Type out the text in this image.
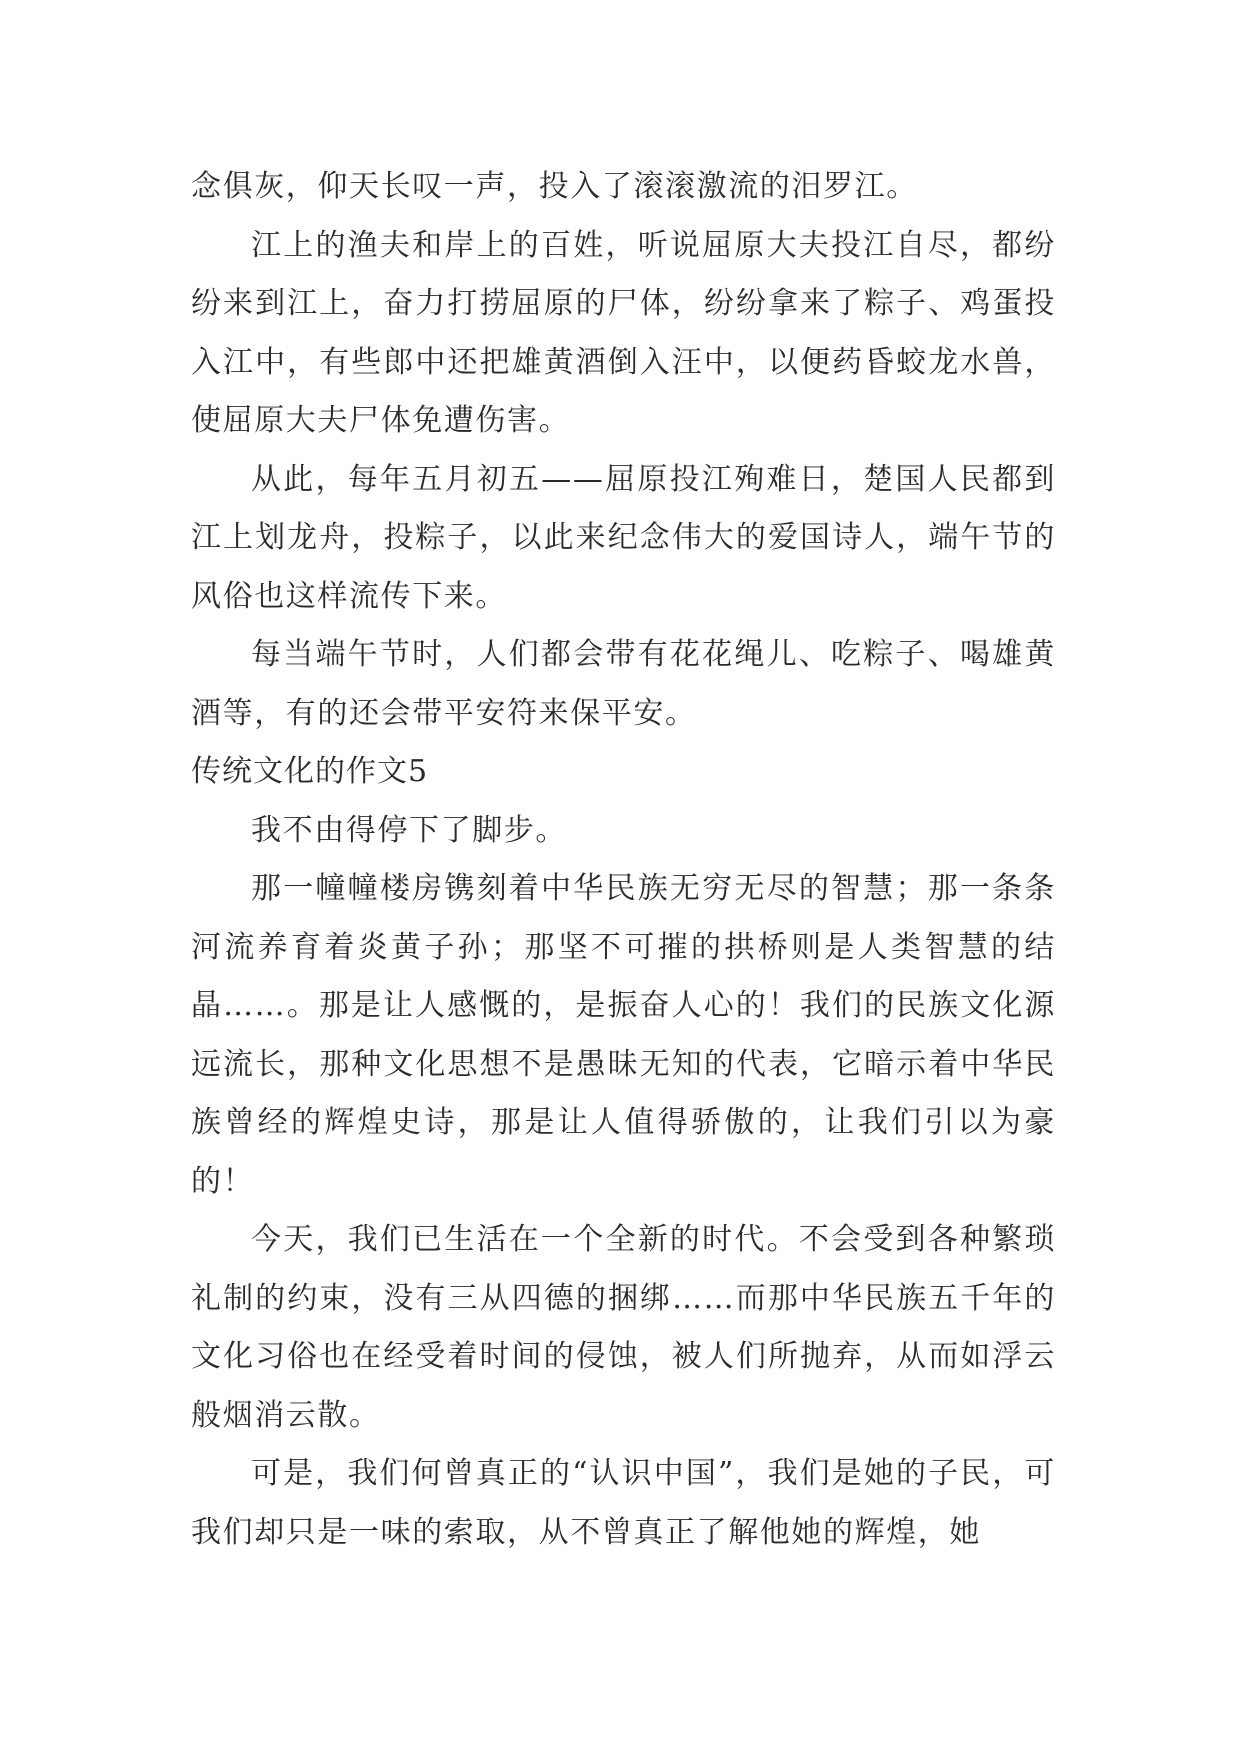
念俱灰，仰天长叹一声，投入了滚滚激流的汨罗江。

江上的渔夫和岸上的百姓，听说屈原大夫投江自尽，都纷纷来到江上，奋力打捞屈原的尸体，纷纷拿来了粽子、鸡蛋投入江中，有些郎中还把雄黄酒倒入汪中，以便药昏蛟龙水兽，使屈原大夫尸体免遭伤害。

从此，每年五月初五——屈原投江殉难日，楚国人民都到江上划龙舟，投粽子，以此来纪念伟大的爱国诗人，端午节的风俗也这样流传下来。

每当端午节时，人们都会带有花花绳儿、吃粽子、喝雄黄酒等，有的还会带平安符来保平安。

传统文化的作文5

我不由得停下了脚步。

那一幢幢楼房镌刻着中华民族无穷无尽的智慧；那一条条河流养育着炎黄子孙；那坚不可摧的拱桥则是人类智慧的结晶……。那是让人感慨的，是振奋人心的！我们的民族文化源远流长，那种文化思想不是愚昧无知的代表，它暗示着中华民族曾经的辉煌史诗，那是让人值得骄傲的，让我们引以为豪的！

今天，我们已生活在一个全新的时代。不会受到各种繁琐礼制的约束，没有三从四德的捆绑……而那中华民族五千年的文化习俗也在经受着时间的侵蚀，被人们所抛弃，从而如浮云般烟消云散。

可是，我们何曾真正的“认识中国”，我们是她的子民，可我们却只是一味的索取，从不曾真正了解他她的辉煌，她
